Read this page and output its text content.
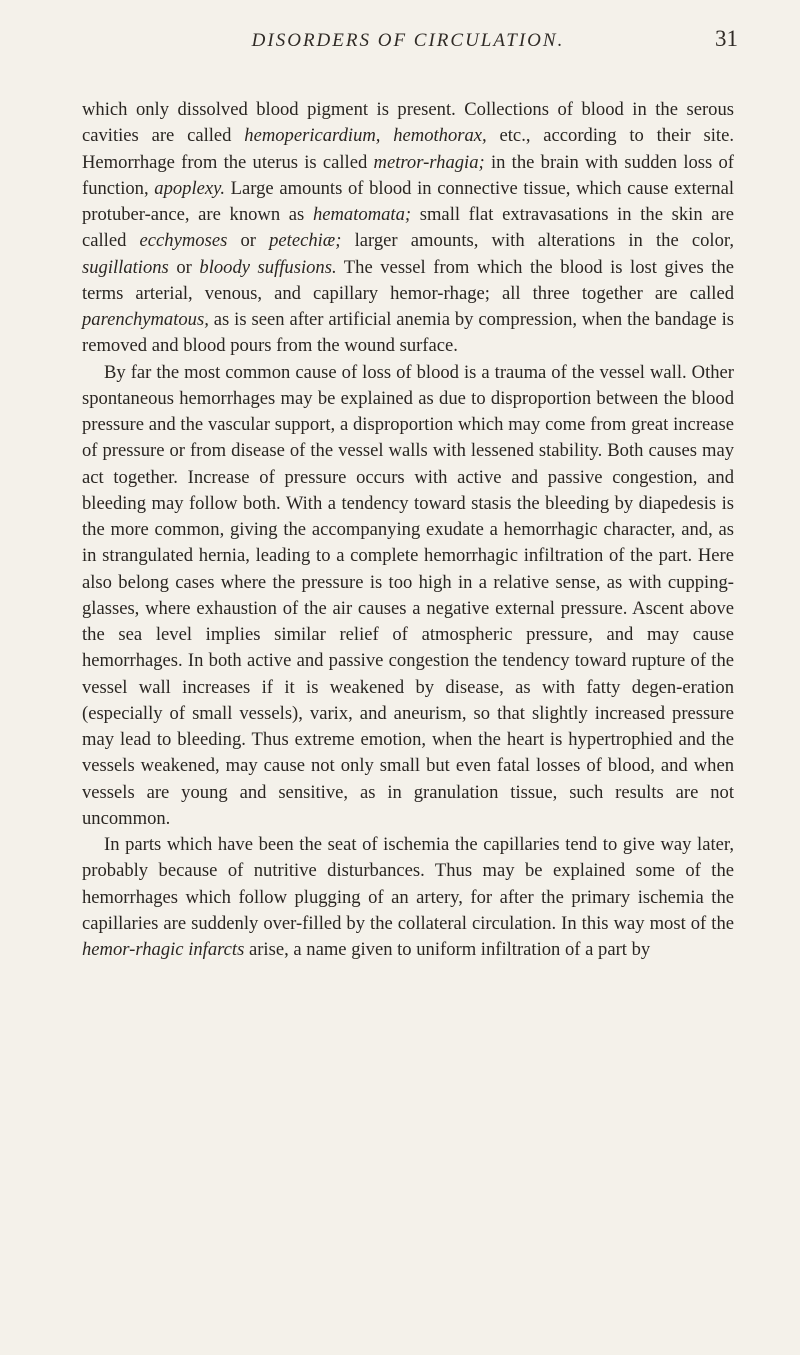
DISORDERS OF CIRCULATION.	31

which only dissolved blood pigment is present. Collections of blood in the serous cavities are called hemopericardium, hemothorax, etc., according to their site. Hemorrhage from the uterus is called metror-rhagia; in the brain with sudden loss of function, apoplexy. Large amounts of blood in connective tissue, which cause external protuber-ance, are known as hematomata; small flat extravasations in the skin are called ecchymoses or petechiæ; larger amounts, with alterations in the color, sugillations or bloody suffusions. The vessel from which the blood is lost gives the terms arterial, venous, and capillary hemor-rhage; all three together are called parenchymatous, as is seen after artificial anemia by compression, when the bandage is removed and blood pours from the wound surface.

By far the most common cause of loss of blood is a trauma of the vessel wall. Other spontaneous hemorrhages may be explained as due to disproportion between the blood pressure and the vascular support, a disproportion which may come from great increase of pressure or from disease of the vessel walls with lessened stability. Both causes may act together. Increase of pressure occurs with active and passive congestion, and bleeding may follow both. With a tendency toward stasis the bleeding by diapedesis is the more common, giving the accompanying exudate a hemorrhagic character, and, as in strangulated hernia, leading to a complete hemorrhagic infiltration of the part. Here also belong cases where the pressure is too high in a relative sense, as with cupping-glasses, where exhaustion of the air causes a negative external pressure. Ascent above the sea level implies similar relief of atmospheric pressure, and may cause hemorrhages. In both active and passive congestion the tendency toward rupture of the vessel wall increases if it is weakened by disease, as with fatty degen-eration (especially of small vessels), varix, and aneurism, so that slightly increased pressure may lead to bleeding. Thus extreme emotion, when the heart is hypertrophied and the vessels weakened, may cause not only small but even fatal losses of blood, and when vessels are young and sensitive, as in granulation tissue, such results are not uncommon.

In parts which have been the seat of ischemia the capillaries tend to give way later, probably because of nutritive disturbances. Thus may be explained some of the hemorrhages which follow plugging of an artery, for after the primary ischemia the capillaries are suddenly over-filled by the collateral circulation. In this way most of the hemor-rhagic infarcts arise, a name given to uniform infiltration of a part by
